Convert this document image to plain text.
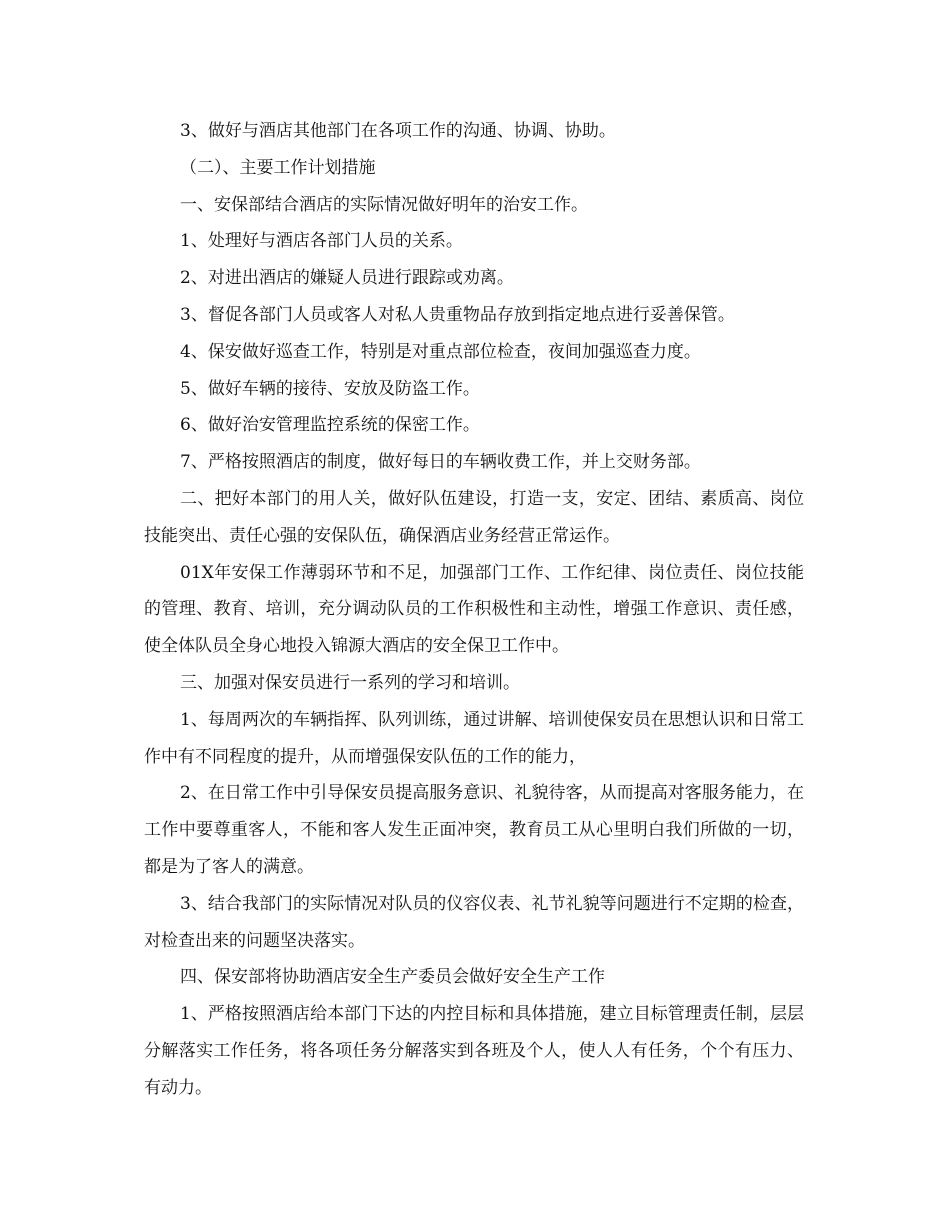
3、做好与酒店其他部门在各项工作的沟通、协调、协助。

（二）、主要工作计划措施

一、安保部结合酒店的实际情况做好明年的治安工作。

1、处理好与酒店各部门人员的关系。

2、对进出酒店的嫌疑人员进行跟踪或劝离。

3、督促各部门人员或客人对私人贵重物品存放到指定地点进行妥善保管。

4、保安做好巡查工作，特别是对重点部位检查，夜间加强巡查力度。

5、做好车辆的接待、安放及防盗工作。

6、做好治安管理监控系统的保密工作。

7、严格按照酒店的制度，做好每日的车辆收费工作，并上交财务部。

二、把好本部门的用人关，做好队伍建设，打造一支，安定、团结、素质高、岗位技能突出、责任心强的安保队伍，确保酒店业务经营正常运作。

01X年安保工作薄弱环节和不足，加强部门工作、工作纪律、岗位责任、岗位技能的管理、教育、培训，充分调动队员的工作积极性和主动性，增强工作意识、责任感，使全体队员全身心地投入锦源大酒店的安全保卫工作中。

三、加强对保安员进行一系列的学习和培训。

1、每周两次的车辆指挥、队列训练，通过讲解、培训使保安员在思想认识和日常工作中有不同程度的提升，从而增强保安队伍的工作的能力，

2、在日常工作中引导保安员提高服务意识、礼貌待客，从而提高对客服务能力，在工作中要尊重客人，不能和客人发生正面冲突，教育员工从心里明白我们所做的一切，都是为了客人的满意。

3、结合我部门的实际情况对队员的仪容仪表、礼节礼貌等问题进行不定期的检查，对检查出来的问题坚决落实。

四、保安部将协助酒店安全生产委员会做好安全生产工作

1、严格按照酒店给本部门下达的内控目标和具体措施，建立目标管理责任制，层层分解落实工作任务，将各项任务分解落实到各班及个人，使人人有任务，个个有压力、有动力。
